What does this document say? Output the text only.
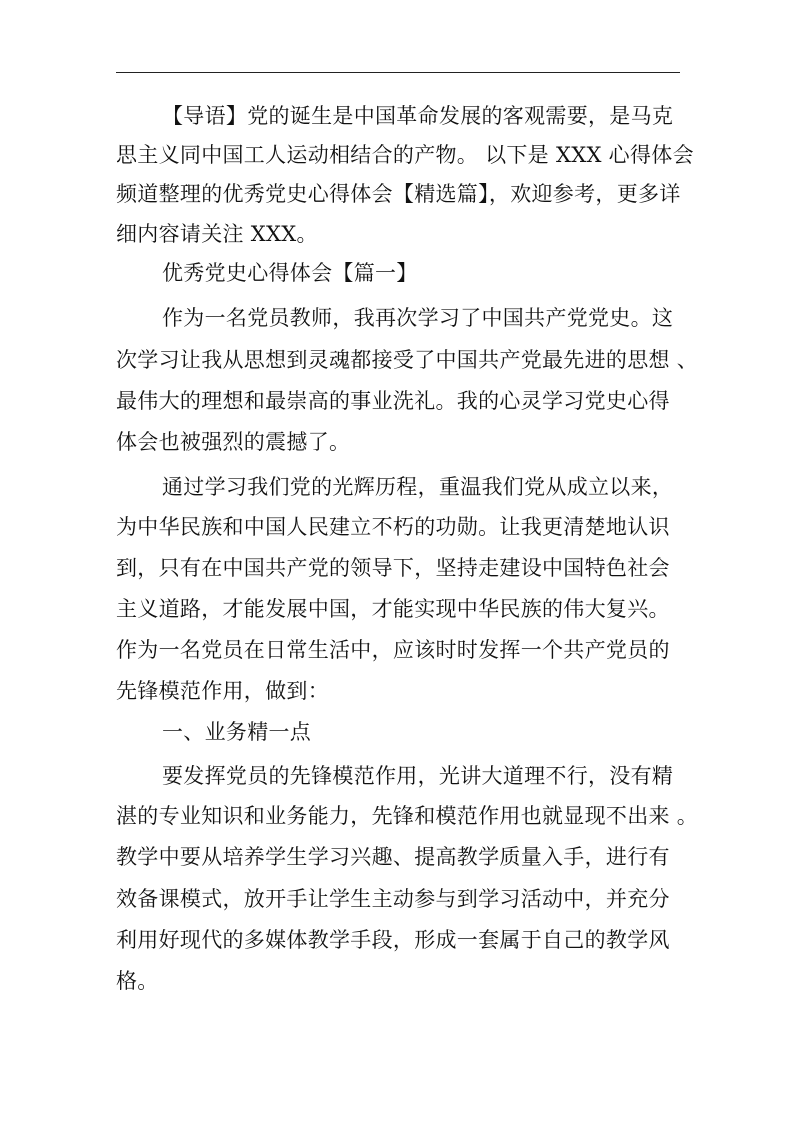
【导语】党的诞生是中国革命发展的客观需要，是马克
思主义同中国工人运动相结合的产物。 以下是 XXX 心得体会
频道整理的优秀党史心得体会【精选篇】，欢迎参考，更多详
细内容请关注 XXX。
优秀党史心得体会【篇一】
作为一名党员教师，我再次学习了中国共产党党史。这
次学习让我从思想到灵魂都接受了中国共产党最先进的思想 、
最伟大的理想和最崇高的事业洗礼。我的心灵学习党史心得
体会也被强烈的震撼了。
通过学习我们党的光辉历程，重温我们党从成立以来，
为中华民族和中国人民建立不朽的功勋。让我更清楚地认识
到，只有在中国共产党的领导下，坚持走建设中国特色社会
主义道路，才能发展中国，才能实现中华民族的伟大复兴。
作为一名党员在日常生活中，应该时时发挥一个共产党员的
先锋模范作用，做到：
一、业务精一点
要发挥党员的先锋模范作用，光讲大道理不行，没有精
湛的专业知识和业务能力，先锋和模范作用也就显现不出来 。
教学中要从培养学生学习兴趣、提高教学质量入手，进行有
效备课模式，放开手让学生主动参与到学习活动中，并充分
利用好现代的多媒体教学手段，形成一套属于自己的教学风
格。
